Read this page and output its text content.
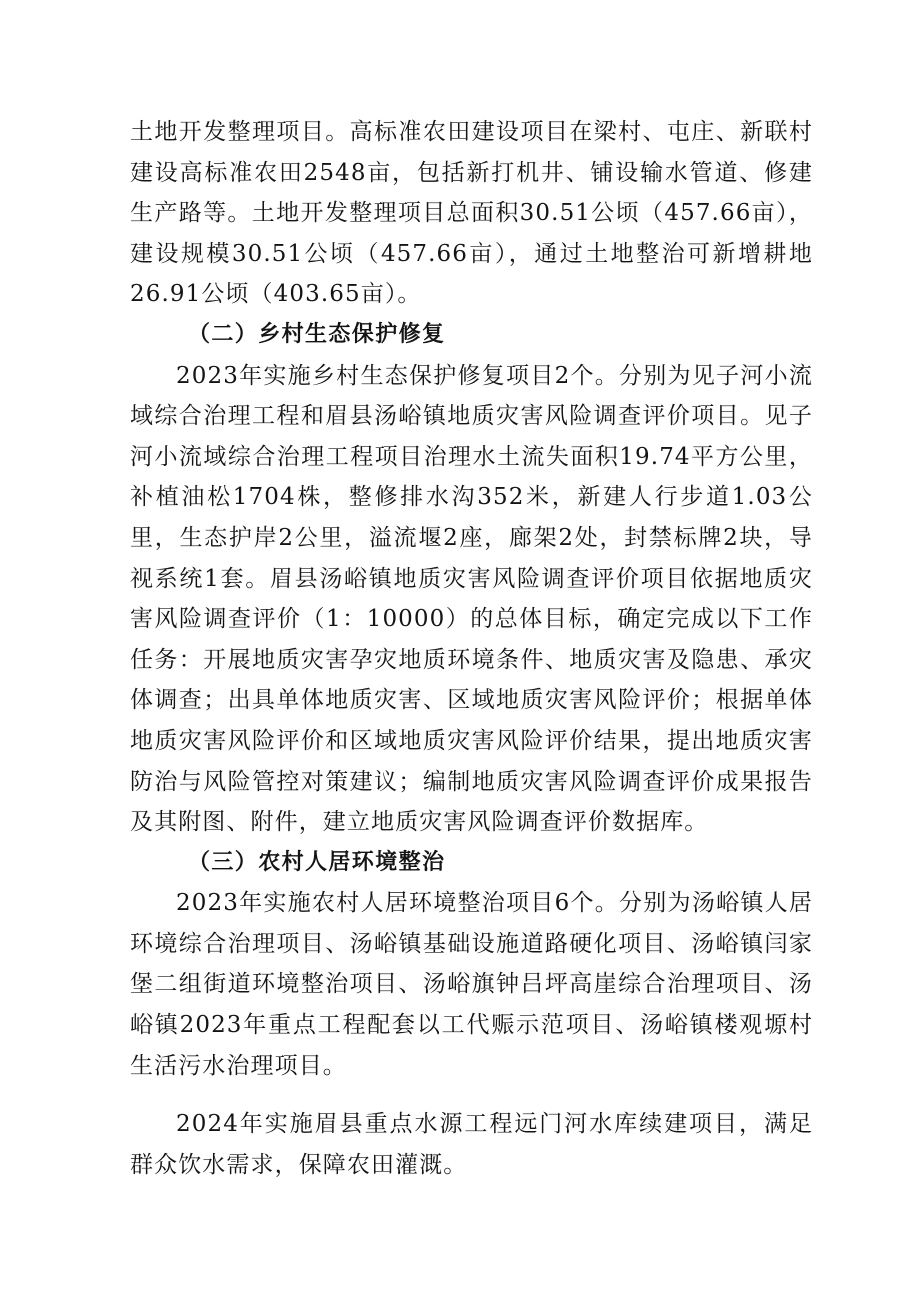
土地开发整理项目。高标准农田建设项目在梁村、屯庄、新联村建设高标准农田2548亩，包括新打机井、铺设输水管道、修建生产路等。土地开发整理项目总面积30.51公顷（457.66亩），建设规模30.51公顷（457.66亩），通过土地整治可新增耕地26.91公顷（403.65亩）。

（二）乡村生态保护修复

2023年实施乡村生态保护修复项目2个。分别为见子河小流域综合治理工程和眉县汤峪镇地质灾害风险调查评价项目。见子河小流域综合治理工程项目治理水土流失面积19.74平方公里，补植油松1704株，整修排水沟352米，新建人行步道1.03公里，生态护岸2公里，溢流堰2座，廊架2处，封禁标牌2块，导视系统1套。眉县汤峪镇地质灾害风险调查评价项目依据地质灾害风险调查评价（1：10000）的总体目标，确定完成以下工作任务：开展地质灾害孕灾地质环境条件、地质灾害及隐患、承灾体调查；出具单体地质灾害、区域地质灾害风险评价；根据单体地质灾害风险评价和区域地质灾害风险评价结果，提出地质灾害防治与风险管控对策建议；编制地质灾害风险调查评价成果报告及其附图、附件，建立地质灾害风险调查评价数据库。

（三）农村人居环境整治

2023年实施农村人居环境整治项目6个。分别为汤峪镇人居环境综合治理项目、汤峪镇基础设施道路硬化项目、汤峪镇闫家堡二组街道环境整治项目、汤峪旗钟吕坪高崖综合治理项目、汤峪镇2023年重点工程配套以工代赈示范项目、汤峪镇楼观塬村生活污水治理项目。

2024年实施眉县重点水源工程远门河水库续建项目，满足群众饮水需求，保障农田灌溉。
